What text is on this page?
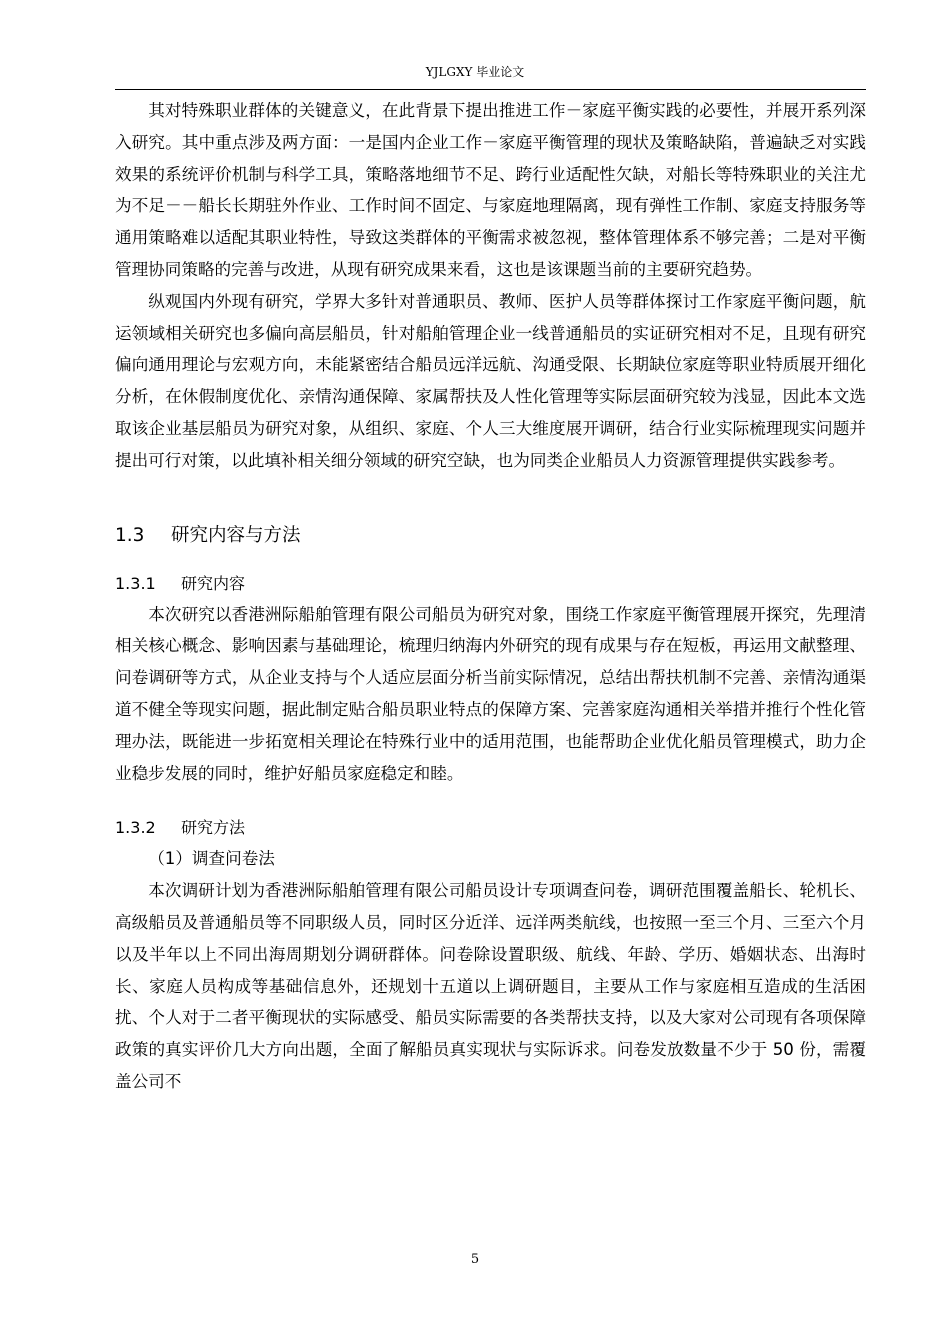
YJLGXY 毕业论文

其对特殊职业群体的关键意义，在此背景下提出推进工作－家庭平衡实践的必要性，并展开系列深入研究。其中重点涉及两方面：一是国内企业工作－家庭平衡管理的现状及策略缺陷，普遍缺乏对实践效果的系统评价机制与科学工具，策略落地细节不足、跨行业适配性欠缺，对船长等特殊职业的关注尤为不足－－船长长期驻外作业、工作时间不固定、与家庭地理隔离，现有弹性工作制、家庭支持服务等通用策略难以适配其职业特性，导致这类群体的平衡需求被忽视，整体管理体系不够完善；二是对平衡管理协同策略的完善与改进，从现有研究成果来看，这也是该课题当前的主要研究趋势。

纵观国内外现有研究，学界大多针对普通职员、教师、医护人员等群体探讨工作家庭平衡问题，航运领域相关研究也多偏向高层船员，针对船舶管理企业一线普通船员的实证研究相对不足，且现有研究偏向通用理论与宏观方向，未能紧密结合船员远洋远航、沟通受限、长期缺位家庭等职业特质展开细化分析，在休假制度优化、亲情沟通保障、家属帮扶及人性化管理等实际层面研究较为浅显，因此本文选取该企业基层船员为研究对象，从组织、家庭、个人三大维度展开调研，结合行业实际梳理现实问题并提出可行对策，以此填补相关细分领域的研究空缺，也为同类企业船员人力资源管理提供实践参考。

1.3 研究内容与方法
1.3.1 研究内容

本次研究以香港洲际船舶管理有限公司船员为研究对象，围绕工作家庭平衡管理展开探究，先理清相关核心概念、影响因素与基础理论，梳理归纳海内外研究的现有成果与存在短板，再运用文献整理、问卷调研等方式，从企业支持与个人适应层面分析当前实际情况，总结出帮扶机制不完善、亲情沟通渠道不健全等现实问题，据此制定贴合船员职业特点的保障方案、完善家庭沟通相关举措并推行个性化管理办法，既能进一步拓宽相关理论在特殊行业中的适用范围，也能帮助企业优化船员管理模式，助力企业稳步发展的同时，维护好船员家庭稳定和睦。

1.3.2 研究方法
（1）调查问卷法

本次调研计划为香港洲际船舶管理有限公司船员设计专项调查问卷，调研范围覆盖船长、轮机长、高级船员及普通船员等不同职级人员，同时区分近洋、远洋两类航线，也按照一至三个月、三至六个月以及半年以上不同出海周期划分调研群体。问卷除设置职级、航线、年龄、学历、婚姻状态、出海时长、家庭人员构成等基础信息外，还规划十五道以上调研题目，主要从工作与家庭相互造成的生活困扰、个人对于二者平衡现状的实际感受、船员实际需要的各类帮扶支持，以及大家对公司现有各项保障政策的真实评价几大方向出题，全面了解船员真实现状与实际诉求。问卷发放数量不少于 50 份，需覆盖公司不

5
